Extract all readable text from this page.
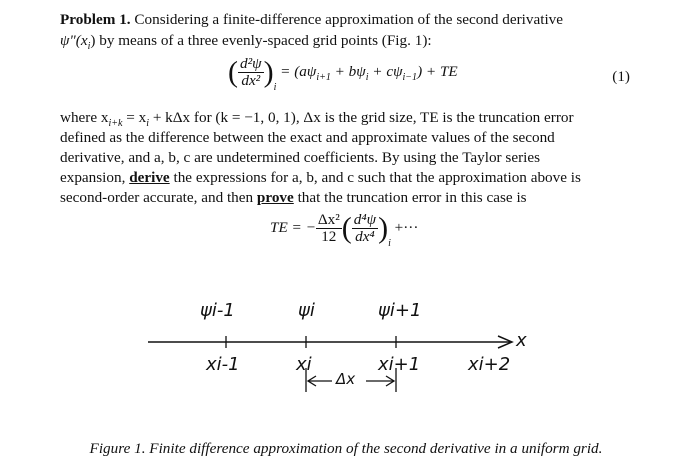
Problem 1. Considering a finite-difference approximation of the second derivative
$\psi"(x_i)$ by means of a three evenly-spaced grid points (Fig. 1):
( $\frac{\text{d²ψ}}{\text{dx²}} )_i = (a\psi_{i+1} + b\psi_i + c\psi_{i-1})$ + TE	(1)
where $x_{i+k} = x_i + k\Delta x$ for (k = −1, 0, 1), Δx is the grid size, TE is the truncation error
defined as the difference between the exact and approximate values of the second
derivative, and a, b, c are undetermined coefficients. By using the Taylor series
expansion, derive the expressions for a, b, and c such that the approximation above is
second-order accurate, and then prove that the truncation error in this case is
TE = − $\frac{\text{Δx²}}{12}$ ( $\frac{\text{d⁴ψ}}{\text{dx⁴}} )_i$ +···
ψi-1	ψi	ψi+1
x
xi-1	xi	xi+1	xi+2
Δx
Figure 1. Finite difference approximation of the second derivative in a uniform grid.
